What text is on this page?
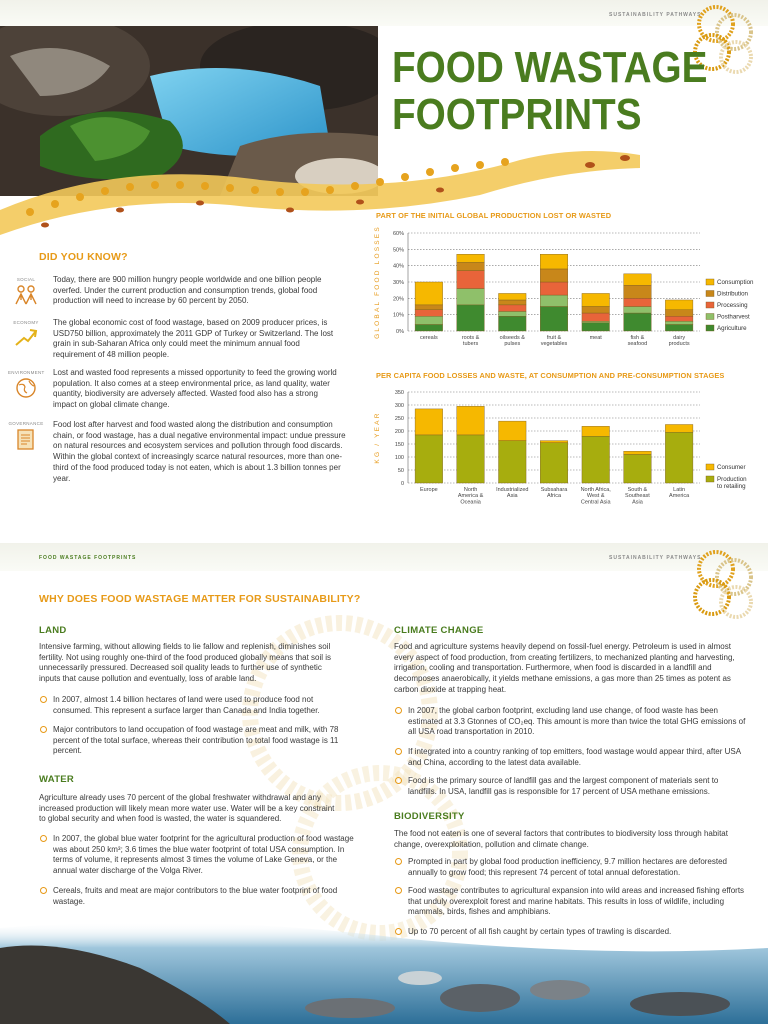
SUSTAINABILITY PATHWAYS
FOOD WASTAGE
FOOTPRINTS
DID YOU KNOW?
SOCIAL	Today, there are 900 million hungry people worldwide and one billion people overfed. Under the current production and consumption trends, global food production will need to increase by 60 percent by 2050.
ECONOMY	The global economic cost of food wastage, based on 2009 producer prices, is USD750 billion, approximately the 2011 GDP of Turkey or Switzerland. The lost grain in sub-Saharan Africa only could meet the minimum annual food requirement of 48 million people.
ENVIRONMENT Lost and wasted food represents a missed opportunity to feed the growing world population. It also comes at a steep environmental price, as land quality, water quantity, biodiversity are adversely affected. Wasted food also has a strong impact on global climate change.
GOVERNANCE Food lost after harvest and food wasted along the distribution and consumption chain, or food wastage, has a dual negative environmental impact: undue pressure on natural resources and ecosystem services and pollution through food discards. Within the global context of increasingly scarce natural resources, more than one-third of the food produced today is not eaten, which is about 1.3 billion tonnes per year.
PART OF THE INITIAL GLOBAL PRODUCTION LOST OR WASTED
GLOBAL FOOD LOSSES	0%
10%
20%
30%
40%
50%
60%
cereals	roots & tubers
oilseeds & pulses
fruit & vegetables
meat	fish & seafood
dairy products
Consumption
Distribution
Processing
Postharvest
Agriculture
PER CAPITA FOOD LOSSES AND WASTE, AT CONSUMPTION AND PRE-CONSUMPTION STAGES
KG / YEAR
0
50
100
150
200
250
300
350
Europe	North America & Oceania
Industrialized Asia
Subsahara Africa
North Africa, West & Central Asia
South & Southeast Asia
Latin America
Consumer
Production to retailing
FOOD WASTAGE FOOTPRINTS	SUSTAINABILITY PATHWAYS
WHY DOES FOOD WASTAGE MATTER FOR SUSTAINABILITY?
LAND
Intensive farming, without allowing fields to lie fallow and replenish, diminishes soil fertility. Not using roughly one-third of the food produced globally means that soil is unnecessarily pressured. Decreased soil quality leads to further use of synthetic inputs that cause pollution and eventually, loss of arable land.
In 2007, almost 1.4 billion hectares of land were used to produce food not consumed. This represent a surface larger than Canada and India together.
Major contributors to land occupation of food wastage are meat and milk, with 78 percent of the total surface, whereas their contribution to total food wastage is 11 percent.
WATER
Agriculture already uses 70 percent of the global freshwater withdrawal and any increased production will likely mean more water use. Water will be a key constraint to global security and when food is wasted, the water is squandered.
In 2007, the global blue water footprint for the agricultural production of food wastage was about 250 km³; 3.6 times the blue water footprint of total USA consumption. In terms of volume, it represents almost 3 times the volume of Lake Geneva, or the annual water discharge of the Volga River.
Cereals, fruits and meat are major contributors to the blue water footprint of food wastage.
CLIMATE CHANGE
Food and agriculture systems heavily depend on fossil-fuel energy. Petroleum is used in almost every aspect of food production, from creating fertilizers, to mechanized planting and harvesting, irrigation, cooling and transportation. Furthermore, when food is discarded in a landfill and decomposes anaerobically, it yields methane emissions, a gas more than 25 times as potent as carbon dioxide at trapping heat.
In 2007, the global carbon footprint, excluding land use change, of food waste has been estimated at 3.3 Gtonnes of CO₂eq. This amount is more than twice the total GHG emissions of all USA road transportation in 2010.
If integrated into a country ranking of top emitters, food wastage would appear third, after USA and China, according to the latest data available.
Food is the primary source of landfill gas and the largest component of materials sent to landfills. In USA, landfill gas is responsible for 17 percent of USA methane emissions.
BIODIVERSITY
The food not eaten is one of several factors that contributes to biodiversity loss through habitat change, overexploitation, pollution and climate change.
Prompted in part by global food production inefficiency, 9.7 million hectares are deforested annually to grow food; this represent 74 percent of total annual deforestation.
Food wastage contributes to agricultural expansion into wild areas and increased fishing efforts that unduly overexploit forest and marine habitats. This results in loss of wildlife, including mammals, birds, fishes and amphibians.
Up to 70 percent of all fish caught by certain types of trawling is discarded.
